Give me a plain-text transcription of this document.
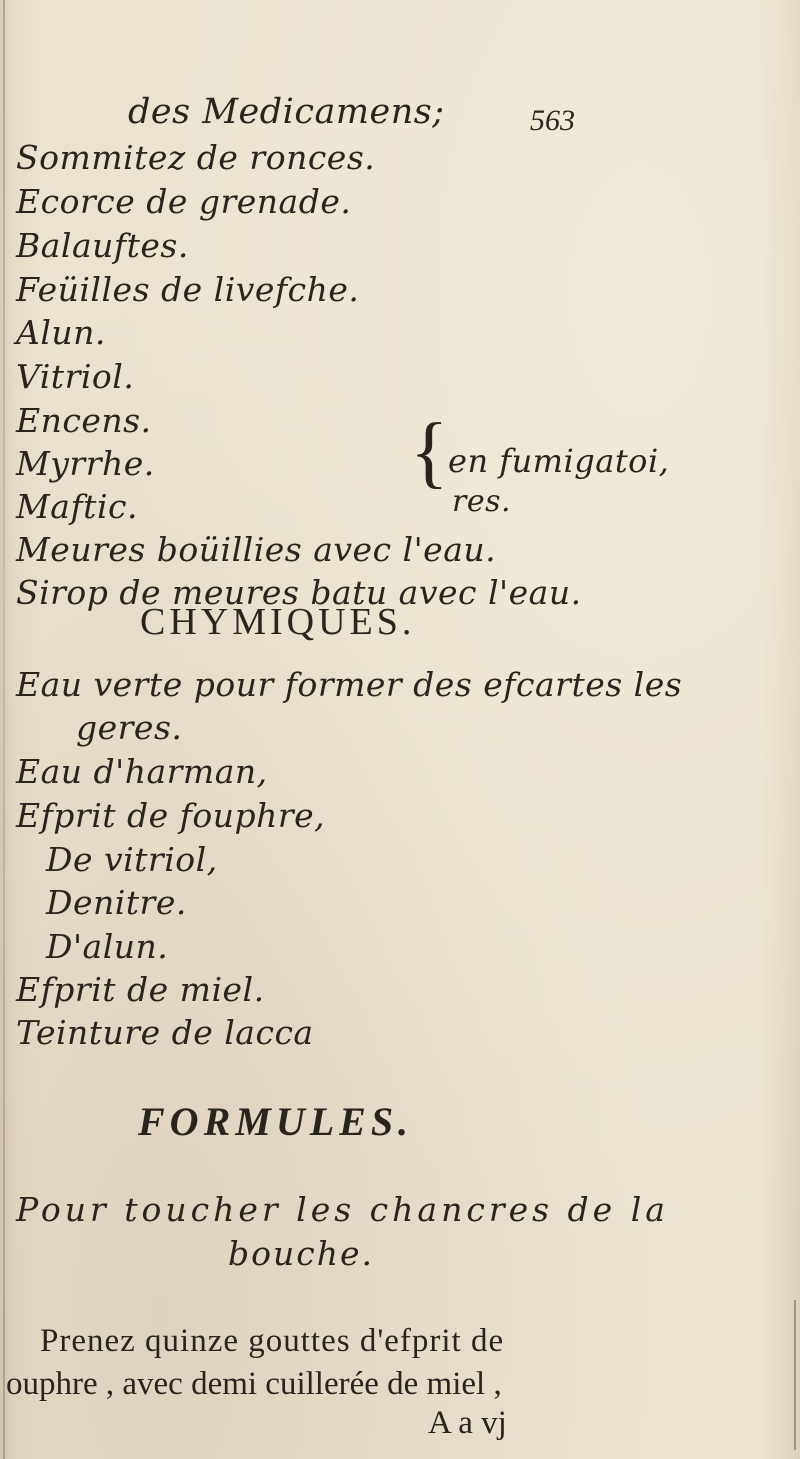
des Medicamens;	563
Sommitez de ronces.
Ecorce de grenade.
Balauftes.
Feüilles de livefche.
Alun.
Vitriol.
Encens.
Myrrhe.
Maftic.
{ en fumigatoi,
res.
Meures boüillies avec l'eau.
Sirop de meures batu avec l'eau.
CHYMIQUES.
Eau verte pour former des efcartes les
geres.
Eau d'harman,
Efprit de fouphre,
De vitriol,
Denitre.
D'alun.
Efprit de miel.
Teinture de lacca
FORMULES.
Pour toucher les chancres de la
bouche.
Prenez quinze gouttes d'efprit de
ouphre , avec demi cuillerée de miel ,
A a vj
